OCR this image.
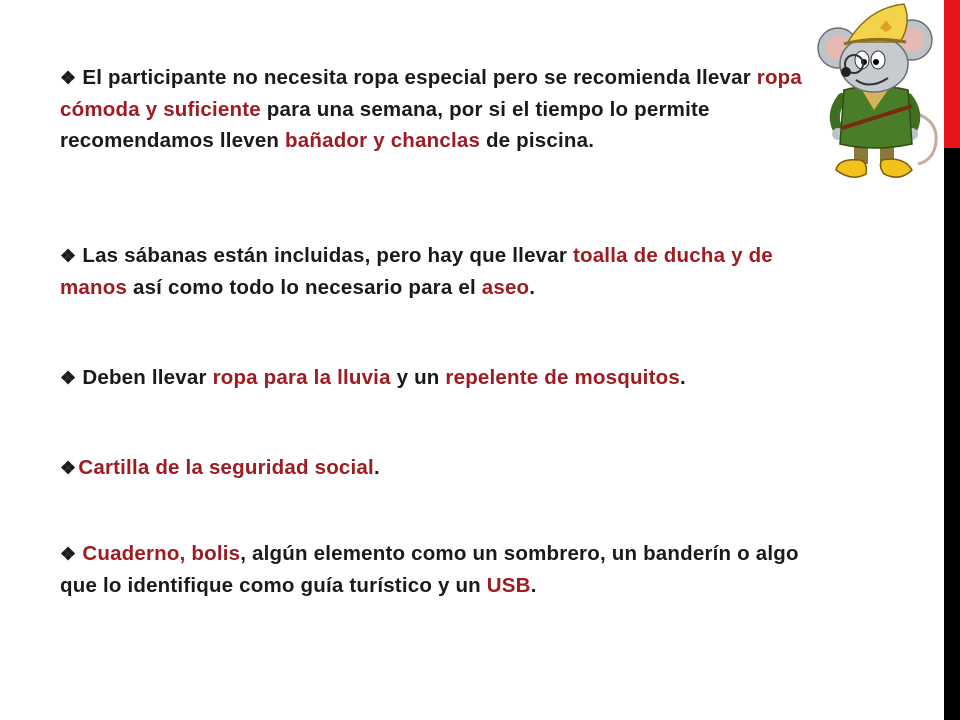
❖ El participante no necesita ropa especial pero se recomienda llevar ropa cómoda y suficiente para una semana, por si el tiempo lo permite recomendamos lleven bañador y chanclas de piscina.
❖ Las sábanas están incluidas, pero hay que llevar toalla de ducha y de manos así como todo lo necesario para el aseo.
❖ Deben llevar ropa para la lluvia y un repelente de mosquitos.
❖Cartilla de la seguridad social.
❖ Cuaderno, bolis, algún elemento como un sombrero, un banderín o algo que lo identifique como guía turístico y un USB.
